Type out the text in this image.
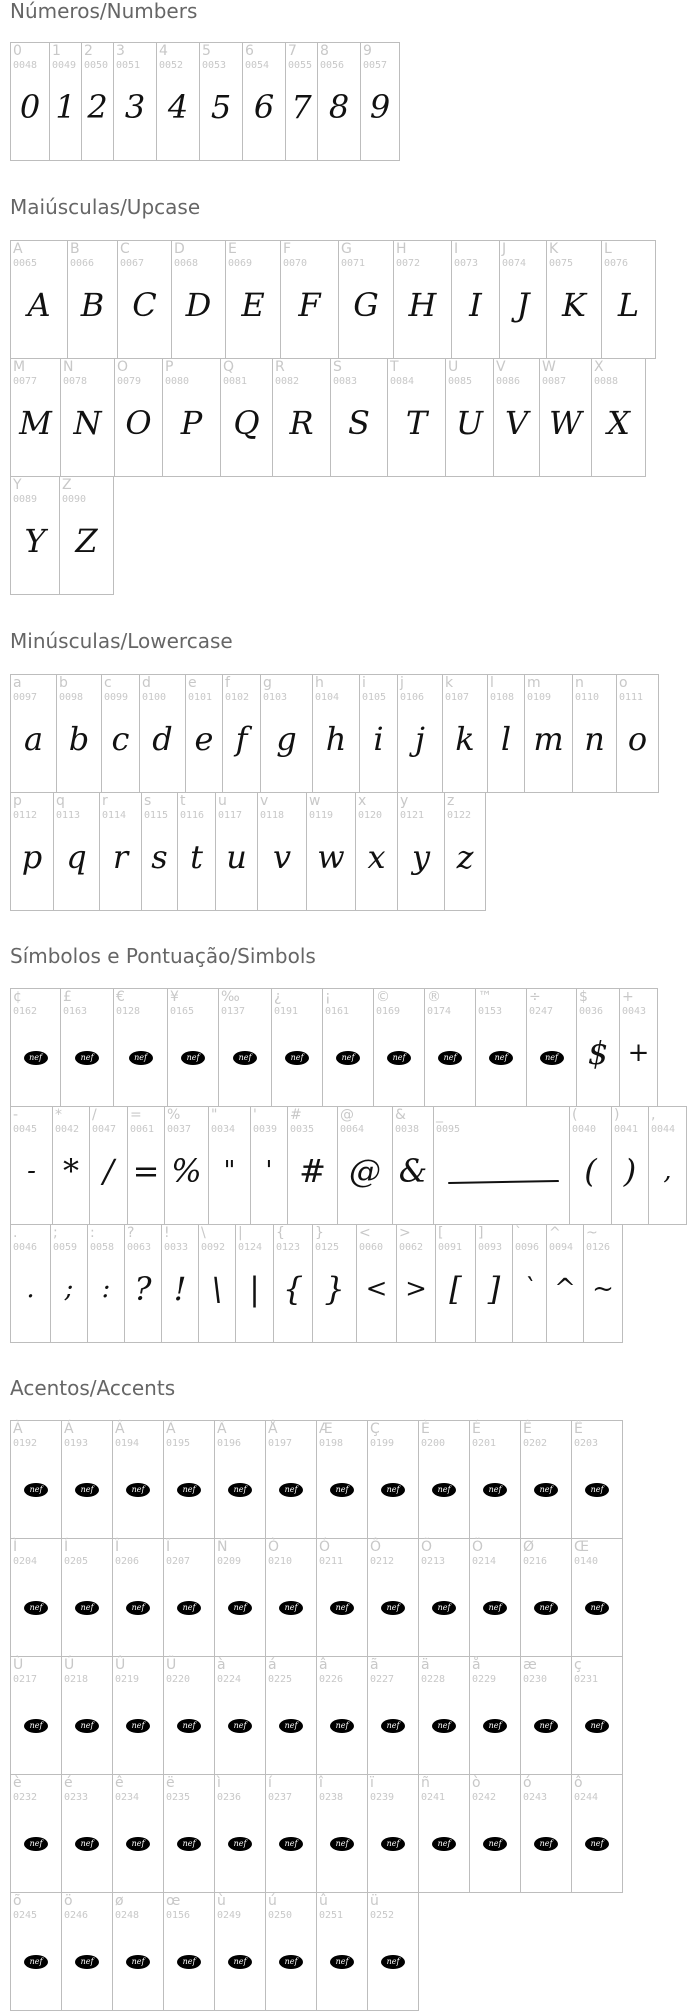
Números/Numbers
0
0048
0
1
0049
1
2
0050
2
3
0051
3
4
0052
4
5
0053
5
6
0054
6
7
0055
7
8
0056
8
9
0057
9
Maiúsculas/Upcase
A
0065
A
B
0066
B
C
0067
C
D
0068
D
E
0069
E
F
0070
F
G
0071
G
H
0072
H
I
0073
I
J
0074
J
K
0075
K
L
0076
L
M
0077
M
N
0078
N
O
0079
O
P
0080
P
Q
0081
Q
R
0082
R
S
0083
S
T
0084
T
U
0085
U
V
0086
V
W
0087
W
X
0088
X
Y
0089
Y
Z
0090
Z
Minúsculas/Lowercase
a
0097
a
b
0098
b
c
0099
c
d
0100
d
e
0101
e
f
0102
f
g
0103
g
h
0104
h
i
0105
i
j
0106
j
k
0107
k
l
0108
l
m
0109
m
n
0110
n
o
0111
o
p
0112
p
q
0113
q
r
0114
r
s
0115
s
t
0116
t
u
0117
u
v
0118
v
w
0119
w
x
0120
x
y
0121
y
z
0122
z
Símbolos e Pontuação/Simbols
¢
0162
nef
£
0163
nef
€
0128
nef
¥
0165
nef
‰
0137
nef
¿
0191
nef
¡
0161
nef
©
0169
nef
®
0174
nef
™
0153
nef
÷
0247
nef
$
0036
$
+
0043
+
-
0045
-
*
0042
*
/
0047
/
=
0061
=
%
0037
%
"
0034
"
'
0039
'
#
0035
#
@
0064
@
&
0038
&
_
0095
(
0040
(
)
0041
)
,
0044
,
.
0046
.
;
0059
;
:
0058
:
?
0063
?
!
0033
!
\
0092
\
|
0124
|
{
0123
{
}
0125
}
<
0060
<
>
0062
>
[
0091
[
]
0093
]
`
0096
`
^
0094
^
~
0126
~
Acentos/Accents
À
0192
nef
Á
0193
nef
Â
0194
nef
Ã
0195
nef
Ä
0196
nef
Å
0197
nef
Æ
0198
nef
Ç
0199
nef
È
0200
nef
É
0201
nef
Ê
0202
nef
Ë
0203
nef
Ì
0204
nef
Í
0205
nef
Î
0206
nef
Ï
0207
nef
Ñ
0209
nef
Ò
0210
nef
Ó
0211
nef
Ô
0212
nef
Õ
0213
nef
Ö
0214
nef
Ø
0216
nef
Œ
0140
nef
Ù
0217
nef
Ú
0218
nef
Û
0219
nef
Ü
0220
nef
à
0224
nef
á
0225
nef
â
0226
nef
ã
0227
nef
ä
0228
nef
å
0229
nef
æ
0230
nef
ç
0231
nef
è
0232
nef
é
0233
nef
ê
0234
nef
ë
0235
nef
ì
0236
nef
í
0237
nef
î
0238
nef
ï
0239
nef
ñ
0241
nef
ò
0242
nef
ó
0243
nef
ô
0244
nef
õ
0245
nef
ö
0246
nef
ø
0248
nef
œ
0156
nef
ù
0249
nef
ú
0250
nef
û
0251
nef
ü
0252
nef
